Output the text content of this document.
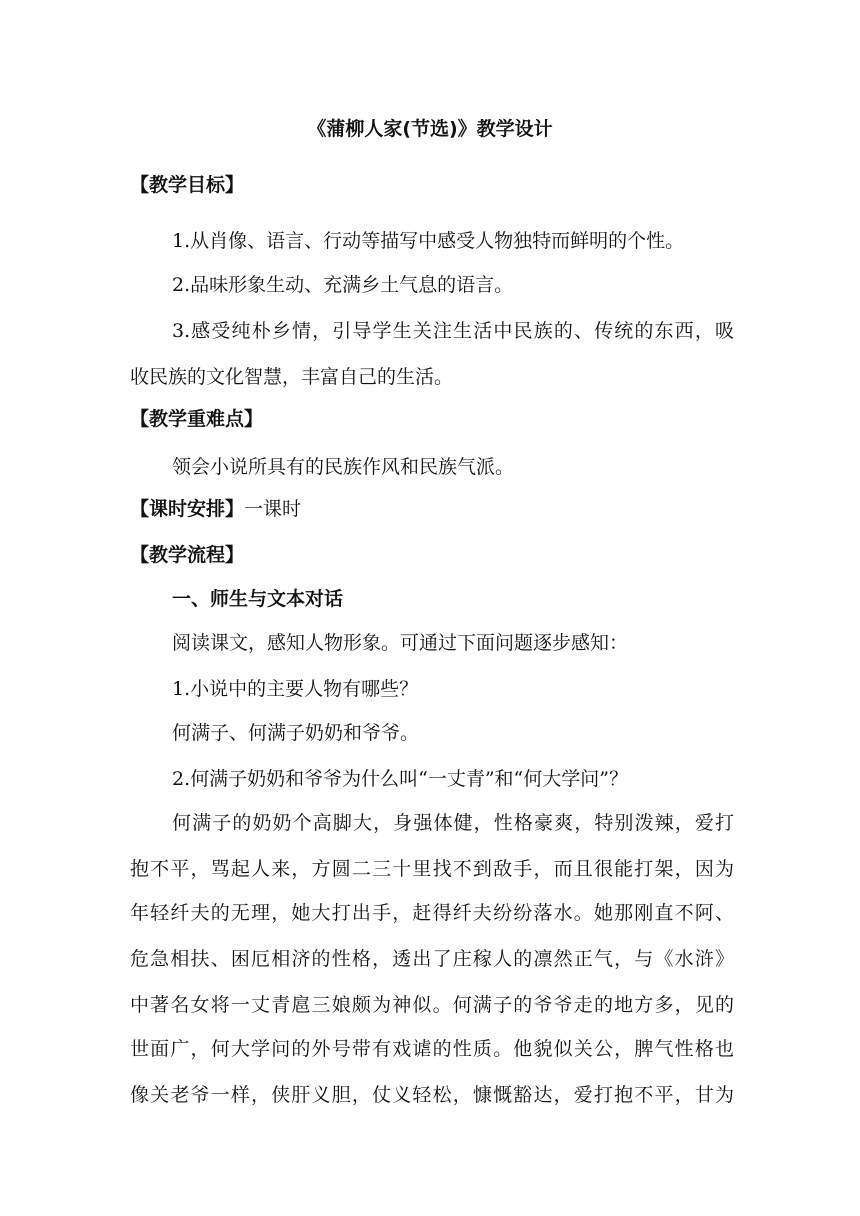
《蒲柳人家(节选)》教学设计
【教学目标】
1.从肖像、语言、行动等描写中感受人物独特而鲜明的个性。
2.品味形象生动、充满乡土气息的语言。
3.感受纯朴乡情，引导学生关注生活中民族的、传统的东西，吸
收民族的文化智慧，丰富自己的生活。
【教学重难点】
领会小说所具有的民族作风和民族气派。
【课时安排】一课时
【教学流程】
一、师生与文本对话
阅读课文，感知人物形象。可通过下面问题逐步感知：
1.小说中的主要人物有哪些？
何满子、何满子奶奶和爷爷。
2.何满子奶奶和爷爷为什么叫“一丈青”和“何大学问”？
何满子的奶奶个高脚大，身强体健，性格豪爽，特别泼辣，爱打
抱不平，骂起人来，方圆二三十里找不到敌手，而且很能打架，因为
年轻纤夫的无理，她大打出手，赶得纤夫纷纷落水。她那刚直不阿、
危急相扶、困厄相济的性格，透出了庄稼人的凛然正气，与《水浒》
中著名女将一丈青扈三娘颇为神似。何满子的爷爷走的地方多，见的
世面广，何大学问的外号带有戏谑的性质。他貌似关公，脾气性格也
像关老爷一样，侠肝义胆，仗义轻松，慷慨豁达，爱打抱不平，甘为
